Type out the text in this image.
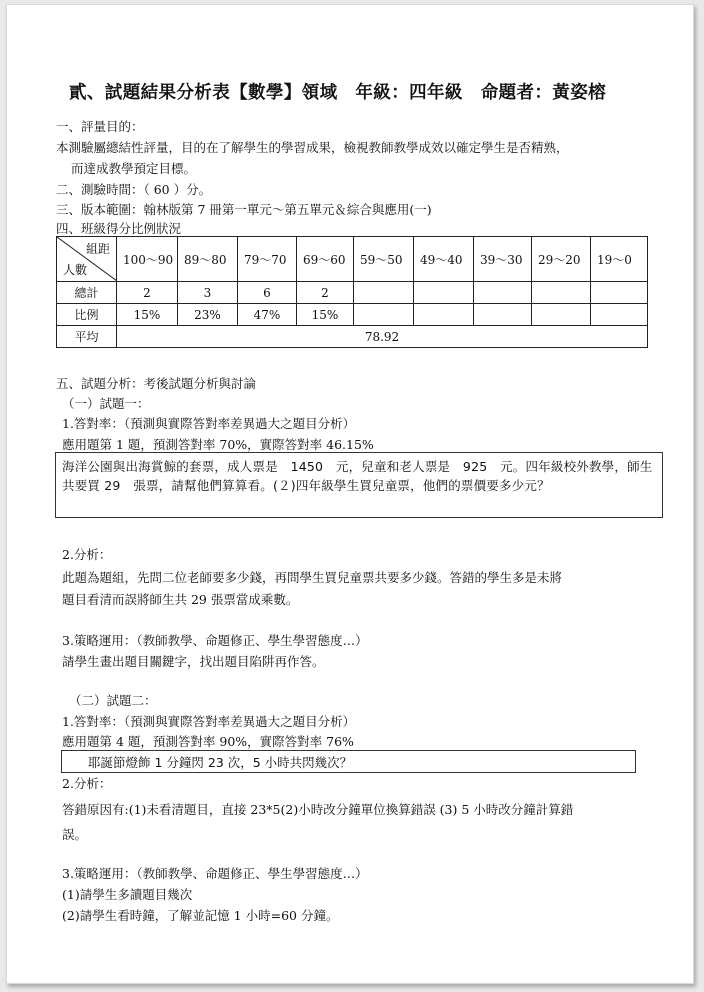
貳、試題結果分析表【數學】領域　年級：四年級　命題者：黃姿榕
一、評量目的：
本測驗屬總結性評量，目的在了解學生的學習成果，檢視教師教學成效以確定學生是否精熟，
而達成教學預定目標。
二、測驗時間：（ 60 ）分。
三、版本範圍：翰林版第 7 冊第一單元～第五單元＆綜合與應用(一)
四、班級得分比例狀況
組距
人數	100～90	89～80	79～70	69～60	59～50	49～40	39～30	29～20	19～0
總計	2	3	6	2					
比例	15%	23%	47%	15%					
平均	78.92								
五、試題分析：考後試題分析與討論
（一）試題一：
1.答對率：（預測與實際答對率差異過大之題目分析）
應用題第 1 題，預測答對率 70%，實際答對率 46.15%
海洋公園與出海賞鯨的套票，成人票是　1450　元，兒童和老人票是　925　元。四年級校外教學，師生共要買 29　張票，請幫他們算算看。(２)四年級學生買兒童票，他們的票價要多少元？
2.分析：
此題為題組，先問二位老師要多少錢，再問學生買兒童票共要多少錢。答錯的學生多是未將
題目看清而誤將師生共 29 張票當成乘數。
3.策略運用：（教師教學、命題修正、學生學習態度…）
請學生畫出題目關鍵字，找出題目陷阱再作答。
（二）試題二：
1.答對率：（預測與實際答對率差異過大之題目分析）
應用題第 4 題，預測答對率 90%，實際答對率 76%
耶誕節燈飾 1 分鐘閃 23 次，5 小時共閃幾次？
2.分析：
答錯原因有:(1)未看清題目，直接 23*5(2)小時改分鐘單位換算錯誤 (3) 5 小時改分鐘計算錯
誤。
3.策略運用：（教師教學、命題修正、學生學習態度…）
(1)請學生多讀題目幾次
(2)請學生看時鐘，了解並記憶 1 小時=60 分鐘。
